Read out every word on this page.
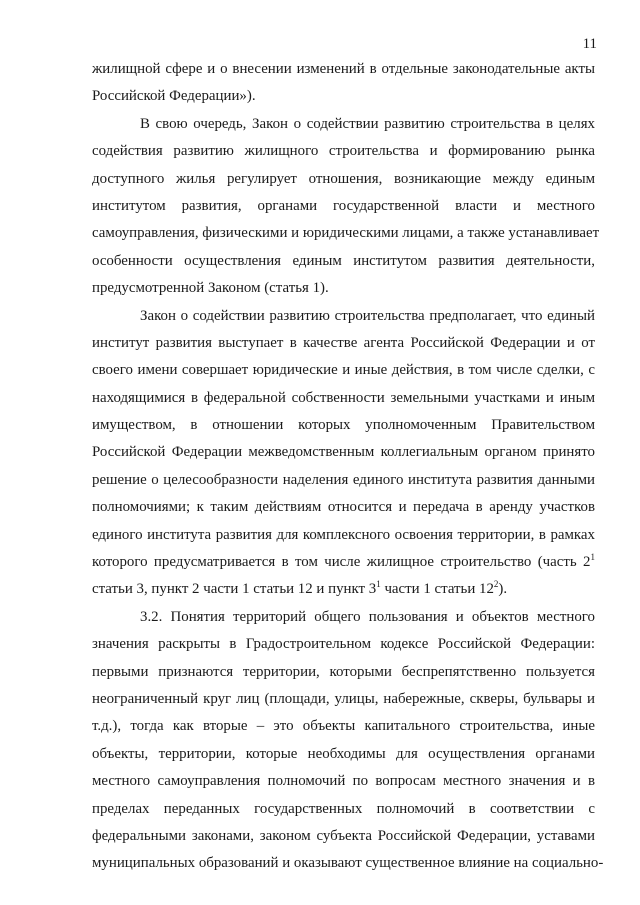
11
жилищной сфере и о внесении изменений в отдельные законодательные акты
Российской Федерации»).
В свою очередь, Закон о содействии развитию строительства в целях
содействия развитию жилищного строительства и формированию рынка
доступного жилья регулирует отношения, возникающие между единым
институтом развития, органами государственной власти и местного
самоуправления, физическими и юридическими лицами, а также устанавливает
особенности осуществления единым институтом развития деятельности,
предусмотренной Законом (статья 1).
Закон о содействии развитию строительства предполагает, что единый
институт развития выступает в качестве агента Российской Федерации и от
своего имени совершает юридические и иные действия, в том числе сделки, с
находящимися в федеральной собственности земельными участками и иным
имуществом, в отношении которых уполномоченным Правительством
Российской Федерации межведомственным коллегиальным органом принято
решение о целесообразности наделения единого института развития данными
полномочиями; к таким действиям относится и передача в аренду участков
единого института развития для комплексного освоения территории, в рамках
которого предусматривается в том числе жилищное строительство (часть $2^1$
статьи 3, пункт 2 части 1 статьи 12 и пункт $3^1$ части 1 статьи $12^2$).
3.2. Понятия территорий общего пользования и объектов местного
значения раскрыты в Градостроительном кодексе Российской Федерации:
первыми признаются территории, которыми беспрепятственно пользуется
неограниченный круг лиц (площади, улицы, набережные, скверы, бульвары и
т.д.), тогда как вторые – это объекты капитального строительства, иные
объекты, территории, которые необходимы для осуществления органами
местного самоуправления полномочий по вопросам местного значения и в
пределах переданных государственных полномочий в соответствии с
федеральными законами, законом субъекта Российской Федерации, уставами
муниципальных образований и оказывают существенное влияние на социально-
